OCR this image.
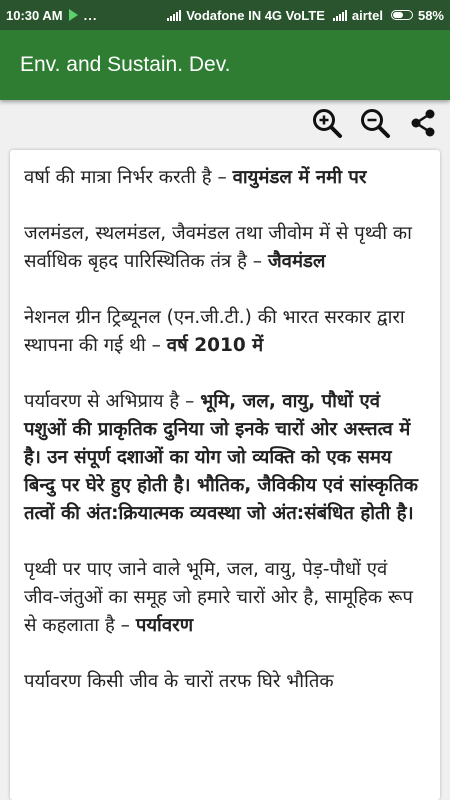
10:30 AM ...	Vodafone IN 4G VoLTE airtel	58%
Env. and Sustain. Dev.

वर्षा की मात्रा निर्भर करती है – वायुमंडल में नमी पर

जलमंडल, स्थलमंडल, जैवमंडल तथा जीवोम में से पृथ्वी का सर्वाधिक बृहद पारिस्थितिक तंत्र है – जैवमंडल

नेशनल ग्रीन ट्रिब्यूनल (एन.जी.टी.) की भारत सरकार द्वारा स्थापना की गई थी – वर्ष 2010 में

पर्यावरण से अभिप्राय है – भूमि, जल, वायु, पौधों एवं पशुओं की प्राकृतिक दुनिया जो इनके चारों ओर अस्त्तत्व में है। उन संपूर्ण दशाओं का योग जो व्यक्ति को एक समय बिन्दु पर घेरे हुए होती है। भौतिक, जैविकीय एवं सांस्कृतिक तत्वों की अंत:क्रियात्मक व्यवस्था जो अंत:संबंधित होती है।

पृथ्वी पर पाए जाने वाले भूमि, जल, वायु, पेड़-पौधों एवं जीव-जंतुओं का समूह जो हमारे चारों ओर है, सामूहिक रूप से कहलाता है – पर्यावरण

पर्यावरण किसी जीव के चारों तरफ घिरे भौतिक
